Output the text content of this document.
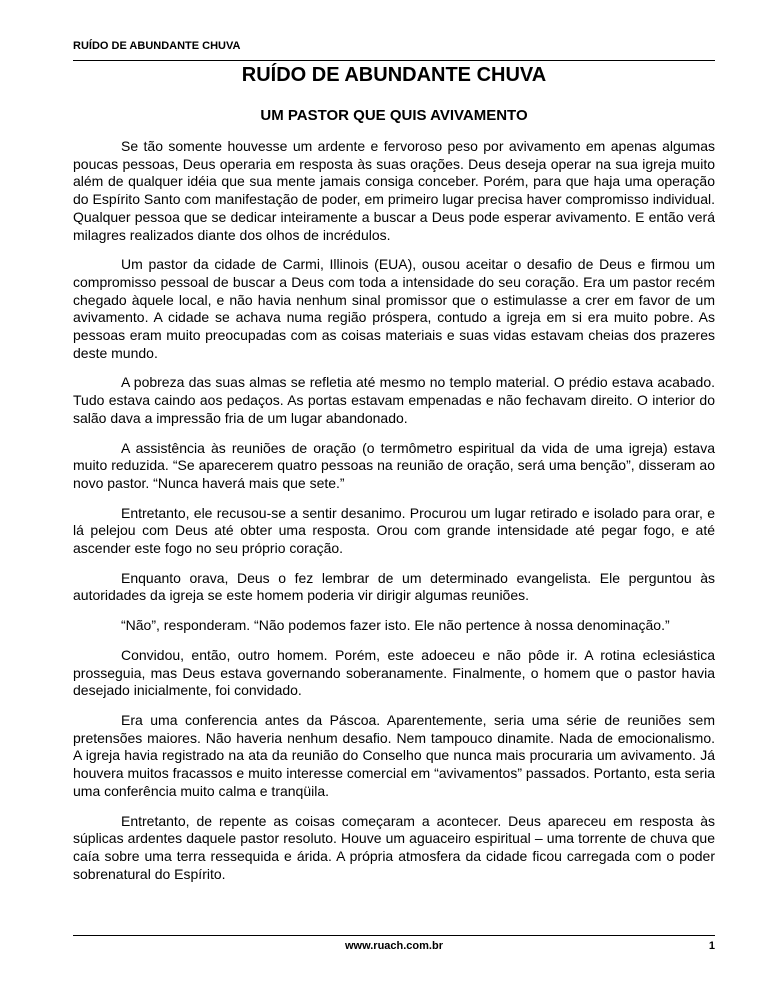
RUÍDO DE ABUNDANTE CHUVA
RUÍDO DE ABUNDANTE CHUVA
UM PASTOR QUE QUIS AVIVAMENTO

Se tão somente houvesse um ardente e fervoroso peso por avivamento em apenas algumas poucas pessoas, Deus operaria em resposta às suas orações. Deus deseja operar na sua igreja muito além de qualquer idéia que sua mente jamais consiga conceber. Porém, para que haja uma operação do Espírito Santo com manifestação de poder, em primeiro lugar precisa haver compromisso individual. Qualquer pessoa que se dedicar inteiramente a buscar a Deus pode esperar avivamento. E então verá milagres realizados diante dos olhos de incrédulos.

Um pastor da cidade de Carmi, Illinois (EUA), ousou aceitar o desafio de Deus e firmou um compromisso pessoal de buscar a Deus com toda a intensidade do seu coração. Era um pastor recém chegado àquele local, e não havia nenhum sinal promissor que o estimulasse a crer em favor de um avivamento. A cidade se achava numa região próspera, contudo a igreja em si era muito pobre. As pessoas eram muito preocupadas com as coisas materiais e suas vidas estavam cheias dos prazeres deste mundo.

A pobreza das suas almas se refletia até mesmo no templo material. O prédio estava acabado. Tudo estava caindo aos pedaços. As portas estavam empenadas e não fechavam direito. O interior do salão dava a impressão fria de um lugar abandonado.

A assistência às reuniões de oração (o termômetro espiritual da vida de uma igreja) estava muito reduzida. “Se aparecerem quatro pessoas na reunião de oração, será uma benção”, disseram ao novo pastor. “Nunca haverá mais que sete.”

Entretanto, ele recusou-se a sentir desanimo. Procurou um lugar retirado e isolado para orar, e lá pelejou com Deus até obter uma resposta. Orou com grande intensidade até pegar fogo, e até ascender este fogo no seu próprio coração.

Enquanto orava, Deus o fez lembrar de um determinado evangelista. Ele perguntou às autoridades da igreja se este homem poderia vir dirigir algumas reuniões.

“Não”, responderam. “Não podemos fazer isto. Ele não pertence à nossa denominação.”

Convidou, então, outro homem. Porém, este adoeceu e não pôde ir. A rotina eclesiástica prosseguia, mas Deus estava governando soberanamente. Finalmente, o homem que o pastor havia desejado inicialmente, foi convidado.

Era uma conferencia antes da Páscoa. Aparentemente, seria uma série de reuniões sem pretensões maiores. Não haveria nenhum desafio. Nem tampouco dinamite. Nada de emocionalismo. A igreja havia registrado na ata da reunião do Conselho que nunca mais procuraria um avivamento. Já houvera muitos fracassos e muito interesse comercial em “avivamentos” passados. Portanto, esta seria uma conferência muito calma e tranqüila.

Entretanto, de repente as coisas começaram a acontecer. Deus apareceu em resposta às súplicas ardentes daquele pastor resoluto. Houve um aguaceiro espiritual – uma torrente de chuva que caía sobre uma terra ressequida e árida. A própria atmosfera da cidade ficou carregada com o poder sobrenatural do Espírito.

www.ruach.com.br	1
